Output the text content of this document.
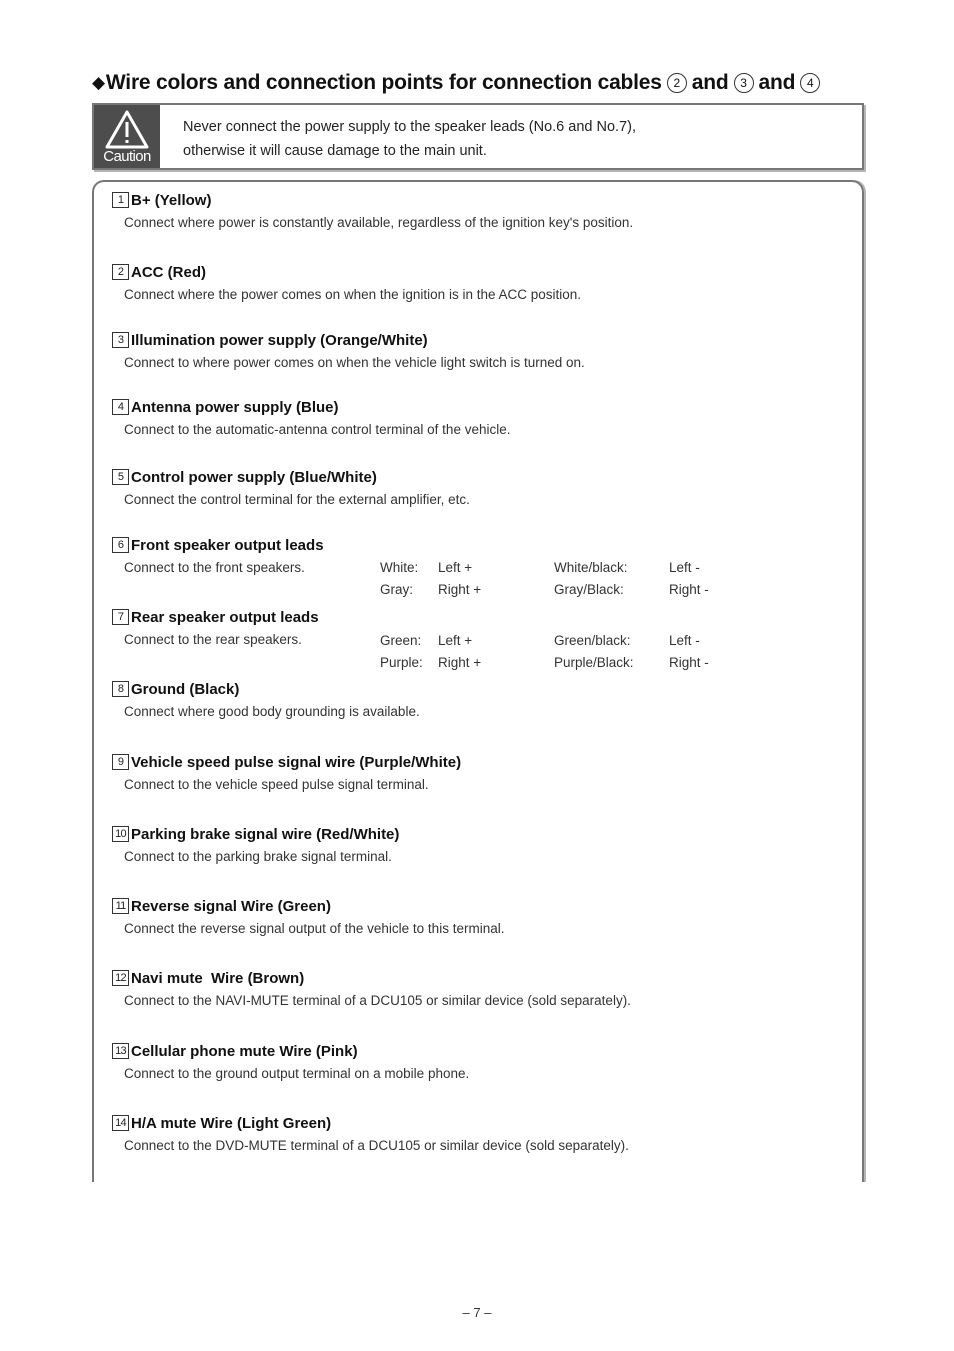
◆ Wire colors and connection points for connection cables 2 and 3 and 4
Caution
Never connect the power supply to the speaker leads (No.6 and No.7),
otherwise it will cause damage to the main unit.
1 B+ (Yellow)
Connect where power is constantly available, regardless of the ignition key's position.
2 ACC (Red)
Connect where the power comes on when the ignition is in the ACC position.
3 Illumination power supply (Orange/White)
Connect to where power comes on when the vehicle light switch is turned on.
4 Antenna power supply (Blue)
Connect to the automatic-antenna control terminal of the vehicle.
5 Control power supply (Blue/White)
Connect the control terminal for the external amplifier, etc.
6 Front speaker output leads
Connect to the front speakers.	White: Left +	White/black:	Left -
Gray: Right +	Gray/Black:	Right -
7 Rear speaker output leads
Connect to the rear speakers.	Green: Left +	Green/black:	Left -
Purple: Right +	Purple/Black:	Right -
8 Ground (Black)
Connect where good body grounding is available.
9 Vehicle speed pulse signal wire (Purple/White)
Connect to the vehicle speed pulse signal terminal.
10 Parking brake signal wire (Red/White)
Connect to the parking brake signal terminal.
11 Reverse signal Wire (Green)
Connect the reverse signal output of the vehicle to this terminal.
12 Navi mute  Wire (Brown)
Connect to the NAVI-MUTE terminal of a DCU105 or similar device (sold separately).
13 Cellular phone mute Wire (Pink)
Connect to the ground output terminal on a mobile phone.
14 H/A mute Wire (Light Green)
Connect to the DVD-MUTE terminal of a DCU105 or similar device (sold separately).
– 7 –
